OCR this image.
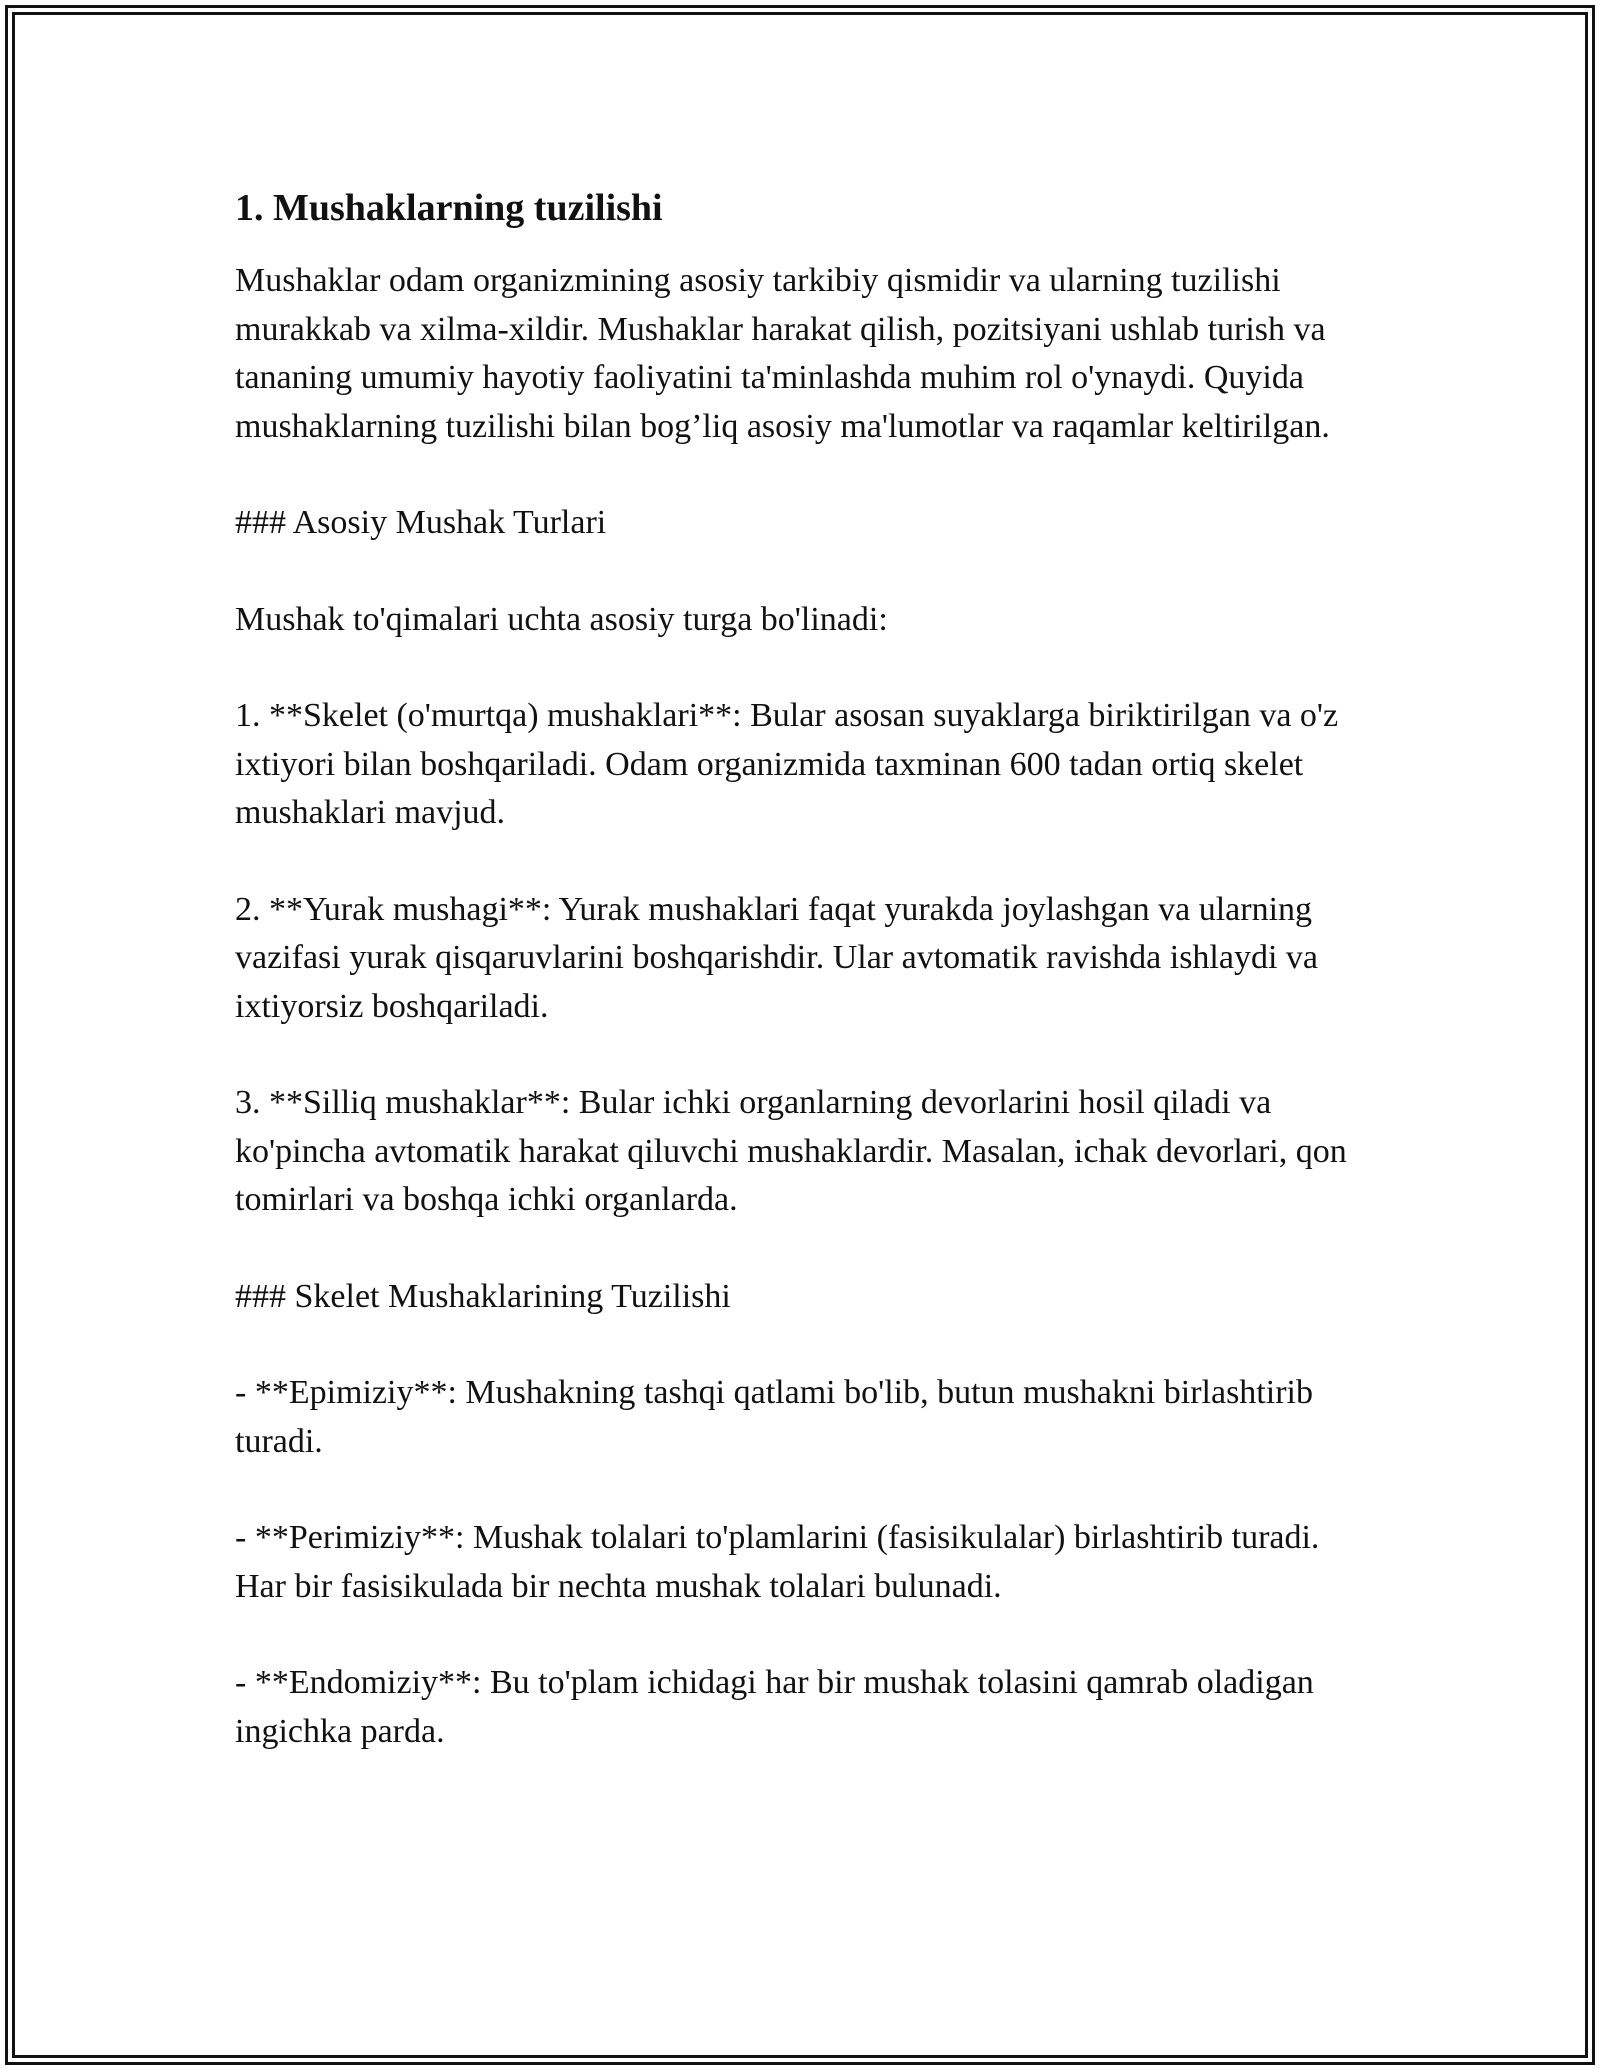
1. Mushaklarning tuzilishi

Mushaklar odam organizmining asosiy tarkibiy qismidir va ularning tuzilishi murakkab va xilma-xildir. Mushaklar harakat qilish, pozitsiyani ushlab turish va tananing umumiy hayotiy faoliyatini ta'minlashda muhim rol o'ynaydi. Quyida mushaklarning tuzilishi bilan bog’liq asosiy ma'lumotlar va raqamlar keltirilgan.

### Asosiy Mushak Turlari

Mushak to'qimalari uchta asosiy turga bo'linadi:

1. **Skelet (o'murtqa) mushaklari**: Bular asosan suyaklarga biriktirilgan va o'z ixtiyori bilan boshqariladi. Odam organizmida taxminan 600 tadan ortiq skelet mushaklari mavjud.

2. **Yurak mushagi**: Yurak mushaklari faqat yurakda joylashgan va ularning vazifasi yurak qisqaruvlarini boshqarishdir. Ular avtomatik ravishda ishlaydi va ixtiyorsiz boshqariladi.

3. **Silliq mushaklar**: Bular ichki organlarning devorlarini hosil qiladi va ko'pincha avtomatik harakat qiluvchi mushaklardir. Masalan, ichak devorlari, qon tomirlari va boshqa ichki organlarda.

### Skelet Mushaklarining Tuzilishi

- **Epimiziy**: Mushakning tashqi qatlami bo'lib, butun mushakni birlashtirib turadi.

- **Perimiziy**: Mushak tolalari to'plamlarini (fasisikulalar) birlashtirib turadi. Har bir fasisikulada bir nechta mushak tolalari bulunadi.

- **Endomiziy**: Bu to'plam ichidagi har bir mushak tolasini qamrab oladigan ingichka parda.
